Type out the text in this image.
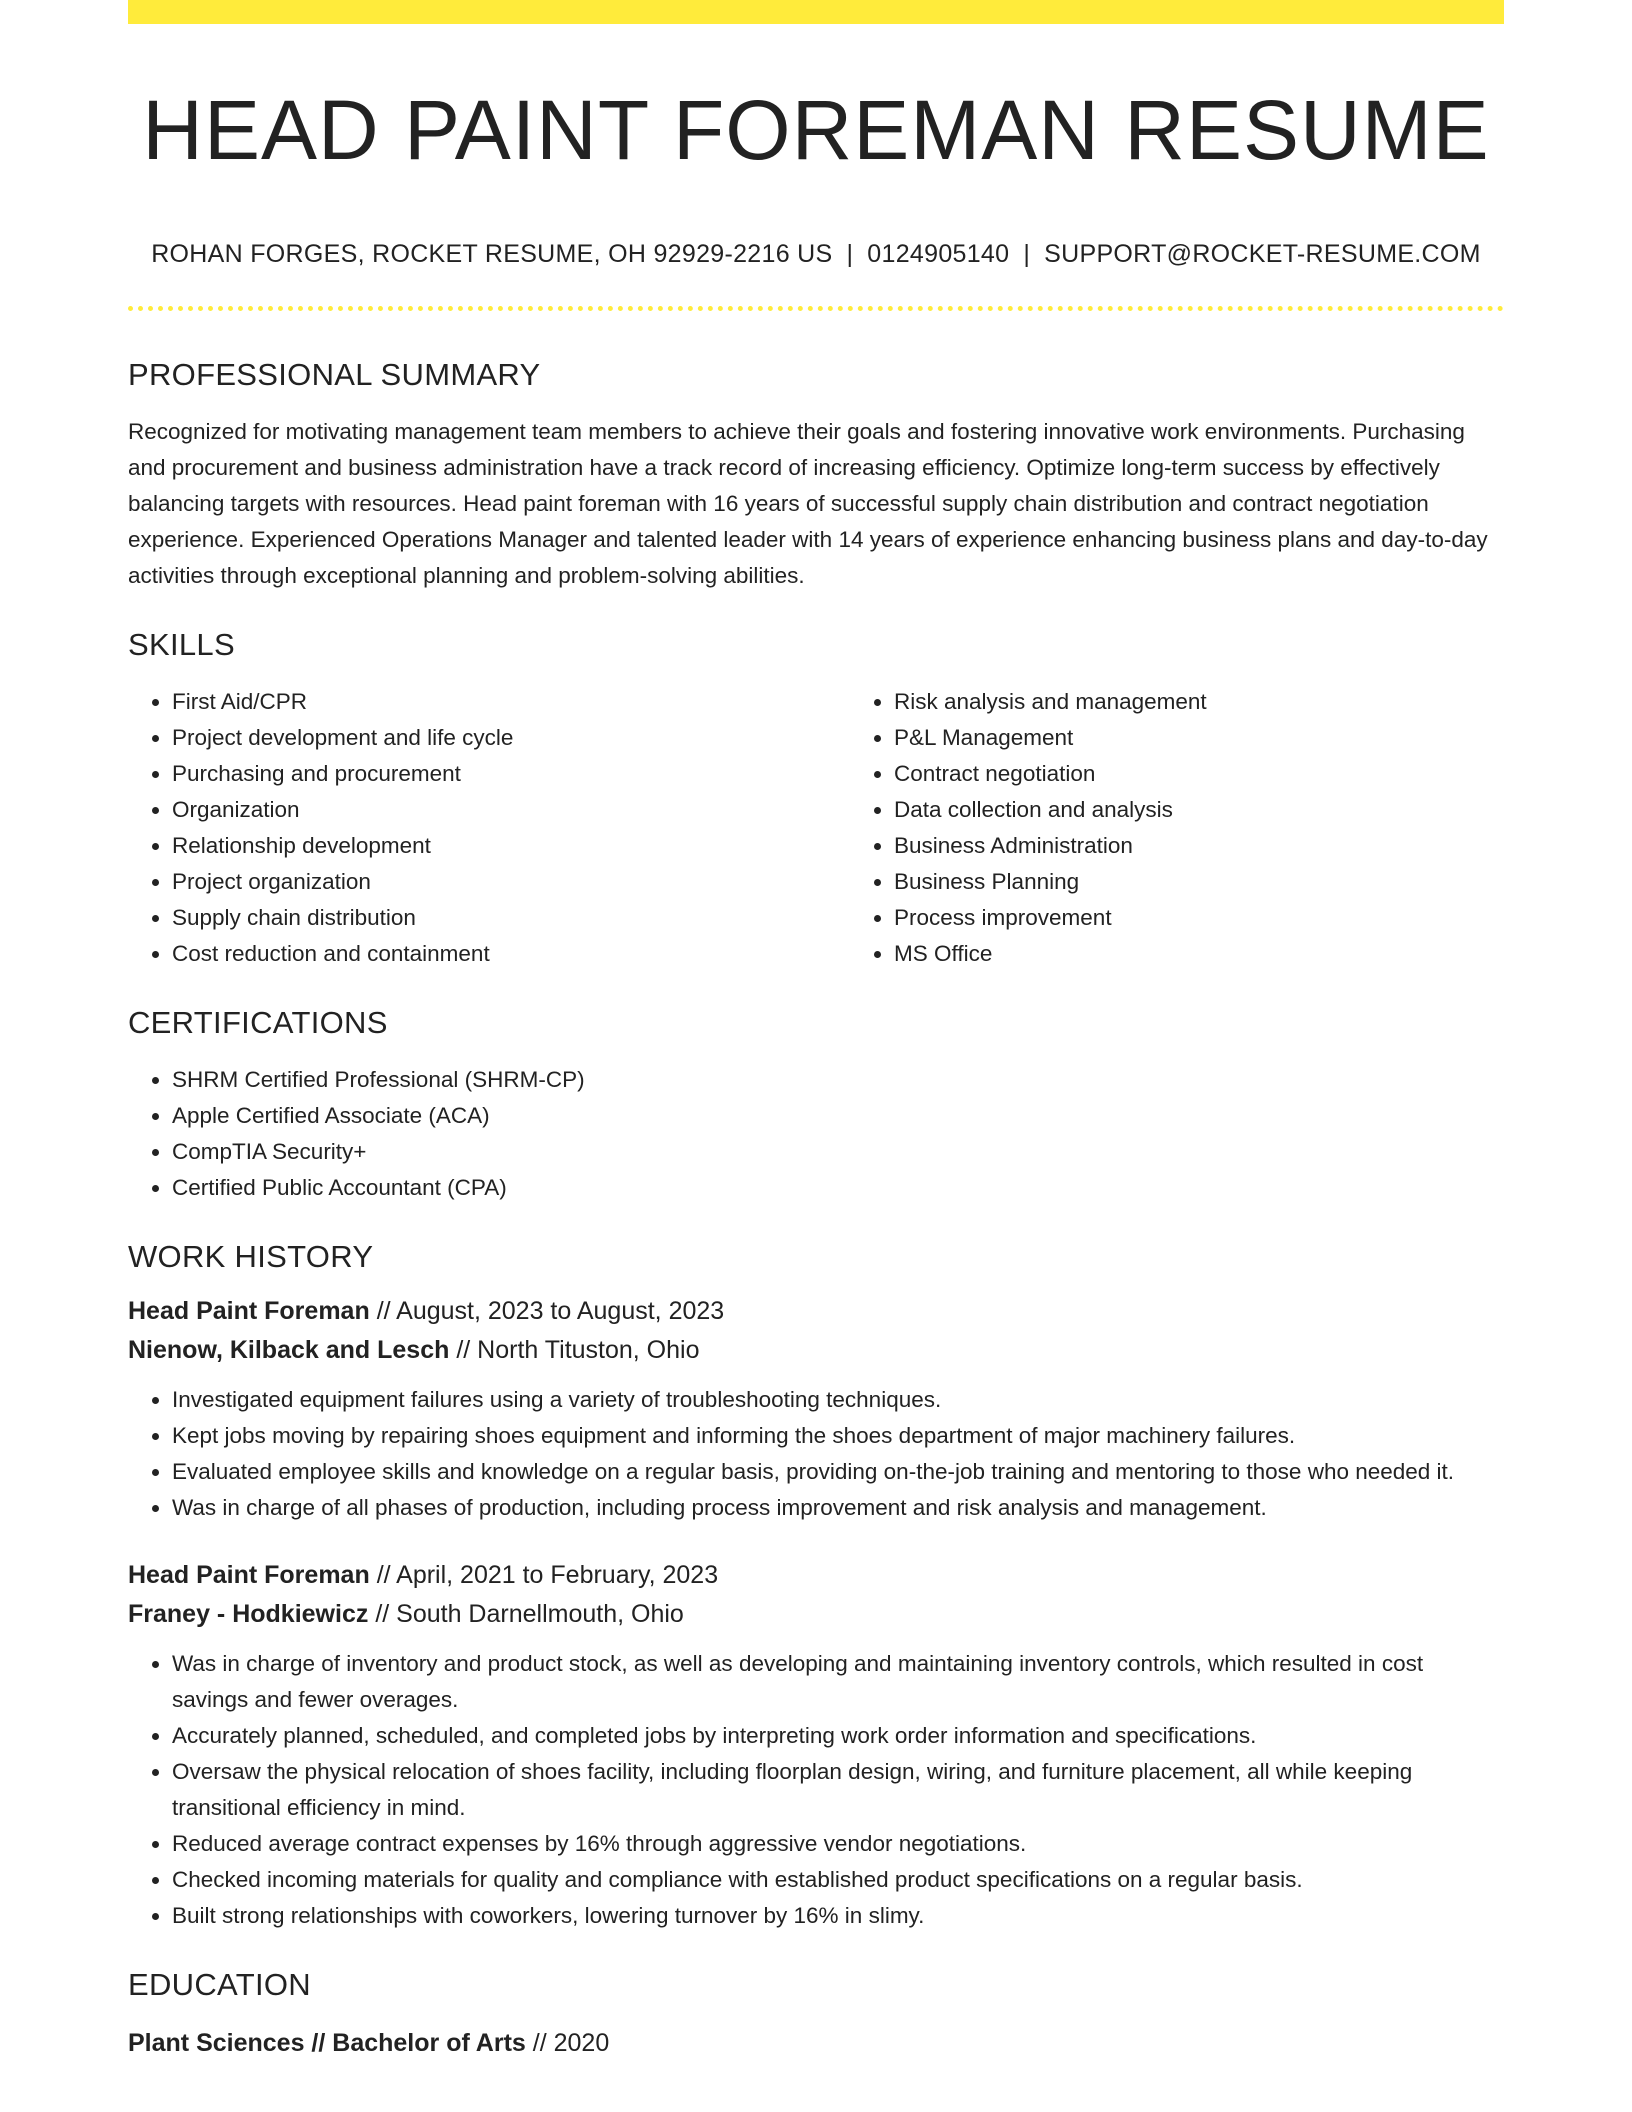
HEAD PAINT FOREMAN RESUME
ROHAN FORGES, ROCKET RESUME, OH 92929-2216 US | 0124905140 | SUPPORT@ROCKET-RESUME.COM
PROFESSIONAL SUMMARY

Recognized for motivating management team members to achieve their goals and fostering innovative work environments. Purchasing and procurement and business administration have a track record of increasing efficiency. Optimize long-term success by effectively balancing targets with resources. Head paint foreman with 16 years of successful supply chain distribution and contract negotiation experience. Experienced Operations Manager and talented leader with 14 years of experience enhancing business plans and day-to-day activities through exceptional planning and problem-solving abilities.

SKILLS
• First Aid/CPR
• Project development and life cycle
• Purchasing and procurement
• Organization
• Relationship development
• Project organization
• Supply chain distribution
• Cost reduction and containment
• Risk analysis and management
• P&L Management
• Contract negotiation
• Data collection and analysis
• Business Administration
• Business Planning
• Process improvement
• MS Office
CERTIFICATIONS
• SHRM Certified Professional (SHRM-CP)
• Apple Certified Associate (ACA)
• CompTIA Security+
• Certified Public Accountant (CPA)
WORK HISTORY
Head Paint Foreman // August, 2023 to August, 2023
Nienow, Kilback and Lesch // North Tituston, Ohio
• Investigated equipment failures using a variety of troubleshooting techniques.
• Kept jobs moving by repairing shoes equipment and informing the shoes department of major machinery failures.
• Evaluated employee skills and knowledge on a regular basis, providing on-the-job training and mentoring to those who needed it.
• Was in charge of all phases of production, including process improvement and risk analysis and management.
Head Paint Foreman // April, 2021 to February, 2023
Franey - Hodkiewicz // South Darnellmouth, Ohio
• Was in charge of inventory and product stock, as well as developing and maintaining inventory controls, which resulted in cost savings and fewer overages.
• Accurately planned, scheduled, and completed jobs by interpreting work order information and specifications.
• Oversaw the physical relocation of shoes facility, including floorplan design, wiring, and furniture placement, all while keeping transitional efficiency in mind.
• Reduced average contract expenses by 16% through aggressive vendor negotiations.
• Checked incoming materials for quality and compliance with established product specifications on a regular basis.
• Built strong relationships with coworkers, lowering turnover by 16% in slimy.
EDUCATION
Plant Sciences // Bachelor of Arts // 2020
